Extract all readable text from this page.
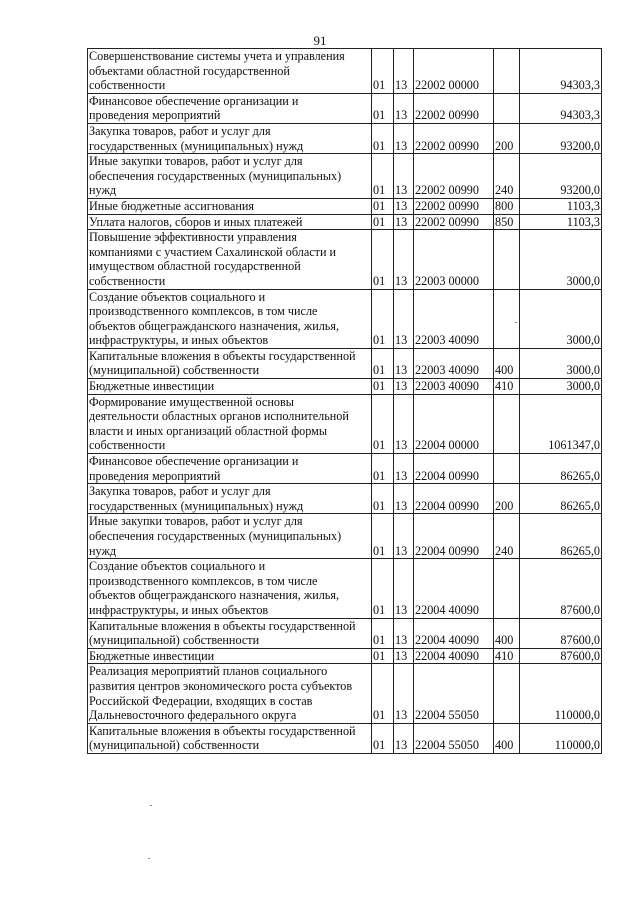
91
Совершенствование системы учета и управления
объектами областной государственной
собственности	01	13	22002 00000		94303,3
Финансовое обеспечение организации и
проведения мероприятий	01	13	22002 00990		94303,3
Закупка товаров, работ и услуг для
государственных (муниципальных) нужд	01	13	22002 00990	200	93200,0
Иные закупки товаров, работ и услуг для
обеспечения государственных (муниципальных)
нужд	01	13	22002 00990	240	93200,0
Иные бюджетные ассигнования	01	13	22002 00990	800	1103,3
Уплата налогов, сборов и иных платежей	01	13	22002 00990	850	1103,3
Повышение эффективности управления
компаниями с участием Сахалинской области и
имуществом областной государственной
собственности	01	13	22003 00000		3000,0
Создание объектов социального и
производственного комплексов, в том числе
объектов общегражданского назначения, жилья,
инфраструктуры, и иных объектов	01	13	22003 40090		3000,0
Капитальные вложения в объекты государственной
(муниципальной) собственности	01	13	22003 40090	400	3000,0
Бюджетные инвестиции	01	13	22003 40090	410	3000,0
Формирование имущественной основы
деятельности областных органов исполнительной
власти и иных организаций областной формы
собственности	01	13	22004 00000		1061347,0
Финансовое обеспечение организации и
проведения мероприятий	01	13	22004 00990		86265,0
Закупка товаров, работ и услуг для
государственных (муниципальных) нужд	01	13	22004 00990	200	86265,0
Иные закупки товаров, работ и услуг для
обеспечения государственных (муниципальных)
нужд	01	13	22004 00990	240	86265,0
Создание объектов социального и
производственного комплексов, в том числе
объектов общегражданского назначения, жилья,
инфраструктуры, и иных объектов	01	13	22004 40090		87600,0
Капитальные вложения в объекты государственной
(муниципальной) собственности	01	13	22004 40090	400	87600,0
Бюджетные инвестиции	01	13	22004 40090	410	87600,0
Реализация мероприятий планов социального
развития центров экономического роста субъектов
Российской Федерации, входящих в состав
Дальневосточного федерального округа	01	13	22004 55050		110000,0
Капитальные вложения в объекты государственной
(муниципальной) собственности	01	13	22004 55050	400	110000,0
